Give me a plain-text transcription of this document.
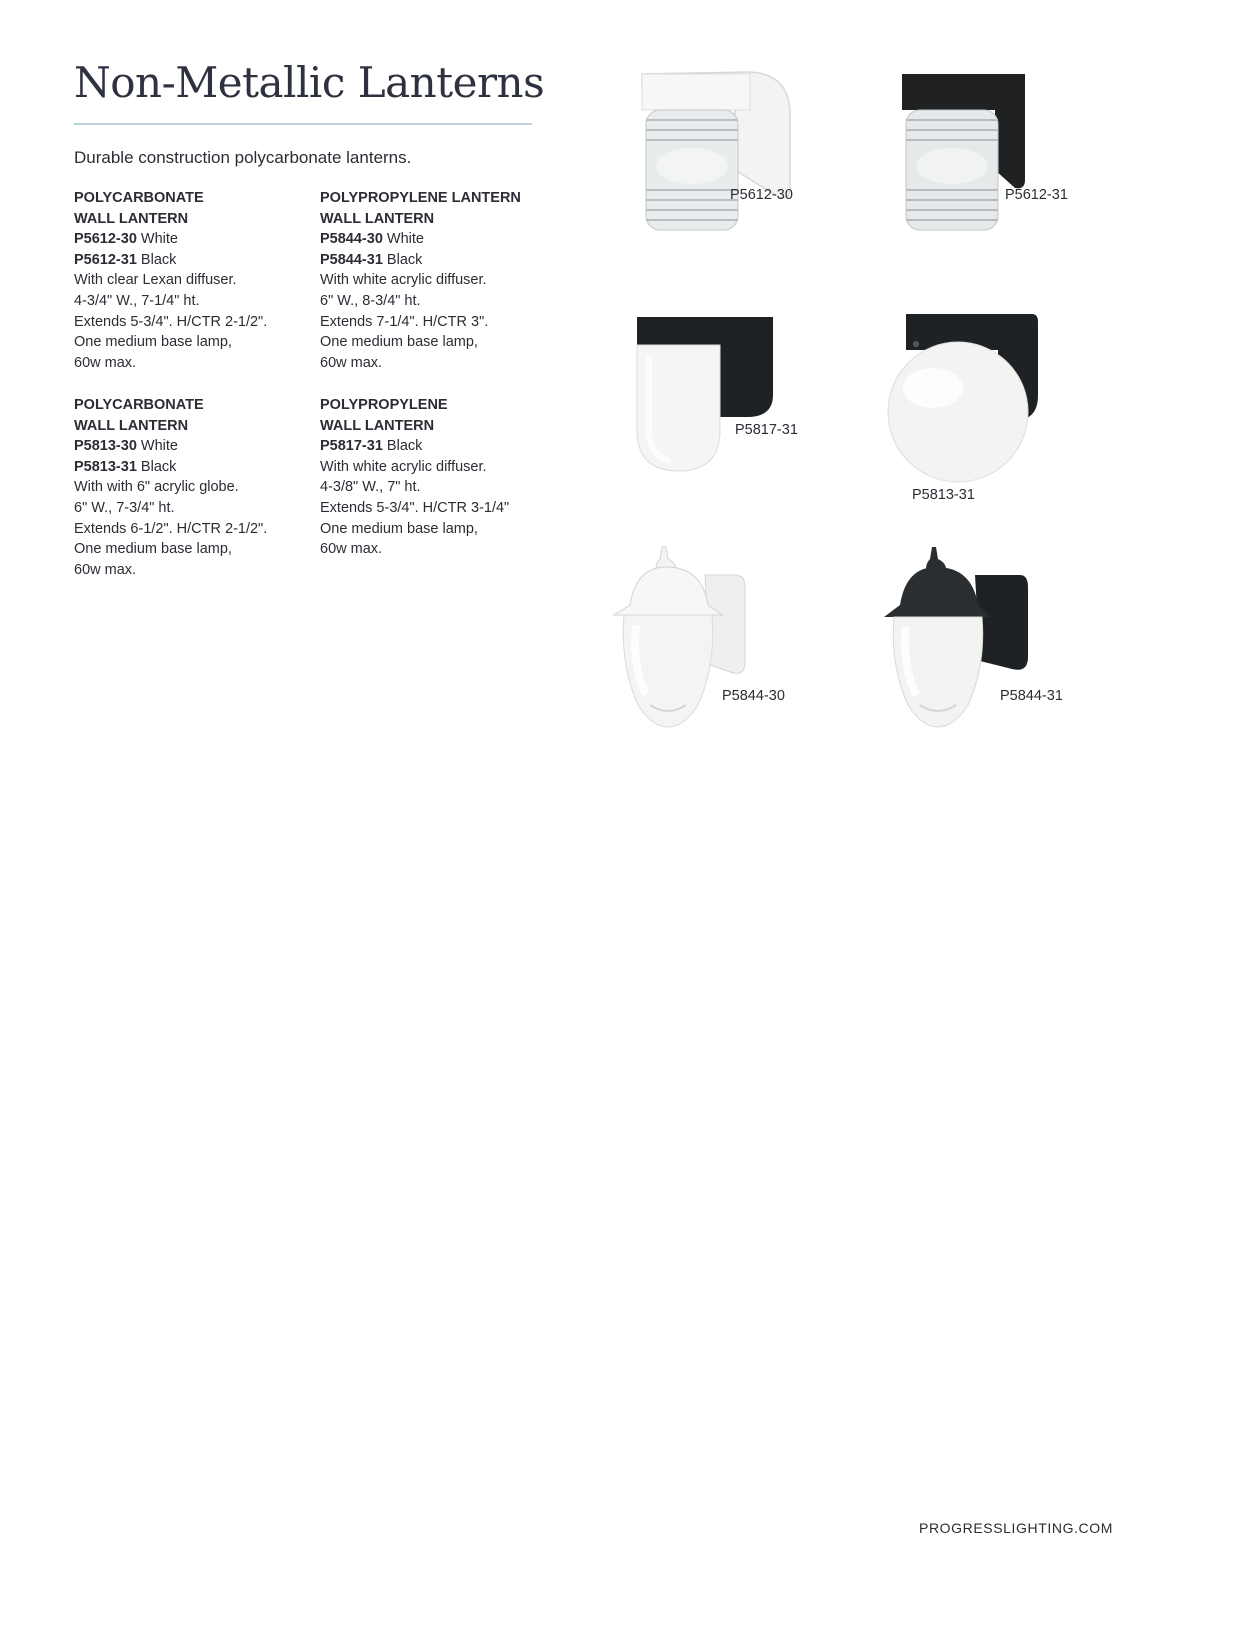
Non-Metallic Lanterns

Durable construction polycarbonate lanterns.

POLYCARBONATE
WALL LANTERN
P5612-30 White
P5612-31 Black
With clear Lexan diffuser.
4-3/4" W., 7-1/4" ht.
Extends 5-3/4". H/CTR 2-1/2".
One medium base lamp,
60w max.
POLYPROPYLENE LANTERN
WALL LANTERN
P5844-30 White
P5844-31 Black
With white acrylic diffuser.
6" W., 8-3/4" ht.
Extends 7-1/4". H/CTR 3".
One medium base lamp,
60w max.
POLYCARBONATE
WALL LANTERN
P5813-30 White
P5813-31 Black
With with 6" acrylic globe.
6" W., 7-3/4" ht.
Extends 6-1/2". H/CTR 2-1/2".
One medium base lamp,
60w max.
POLYPROPYLENE
WALL LANTERN
P5817-31 Black
With white acrylic diffuser.
4-3/8" W., 7" ht.
Extends 5-3/4". H/CTR 3-1/4"
One medium base lamp,
60w max.
P5612-30	P5612-31
P5817-31
P5813-31
P5844-30	P5844-31
PROGRESSLIGHTING.COM
